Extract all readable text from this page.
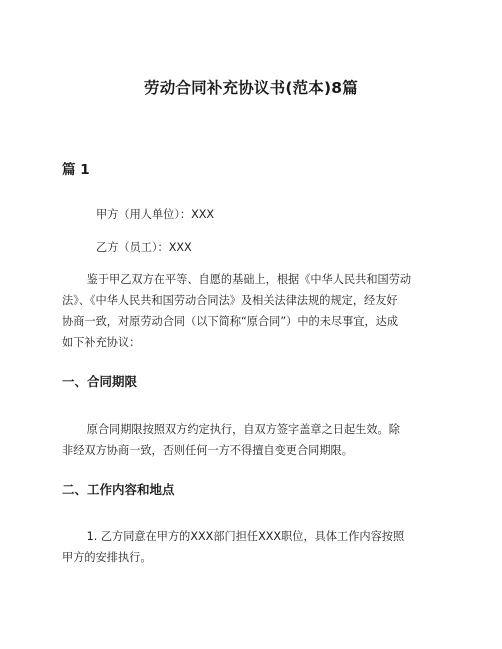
劳动合同补充协议书(范本)8篇
篇 1

甲方（用人单位）：XXX

乙方（员工）：XXX

鉴于甲乙双方在平等、自愿的基础上，根据《中华人民共和国劳动
法》、《中华人民共和国劳动合同法》及相关法律法规的规定，经友好
协商一致，对原劳动合同（以下简称“原合同”）中的未尽事宜，达成
如下补充协议：
一、合同期限
原合同期限按照双方约定执行，自双方签字盖章之日起生效。除
非经双方协商一致，否则任何一方不得擅自变更合同期限。
二、工作内容和地点
1. 乙方同意在甲方的XXX部门担任XXX职位，具体工作内容按照
甲方的安排执行。
